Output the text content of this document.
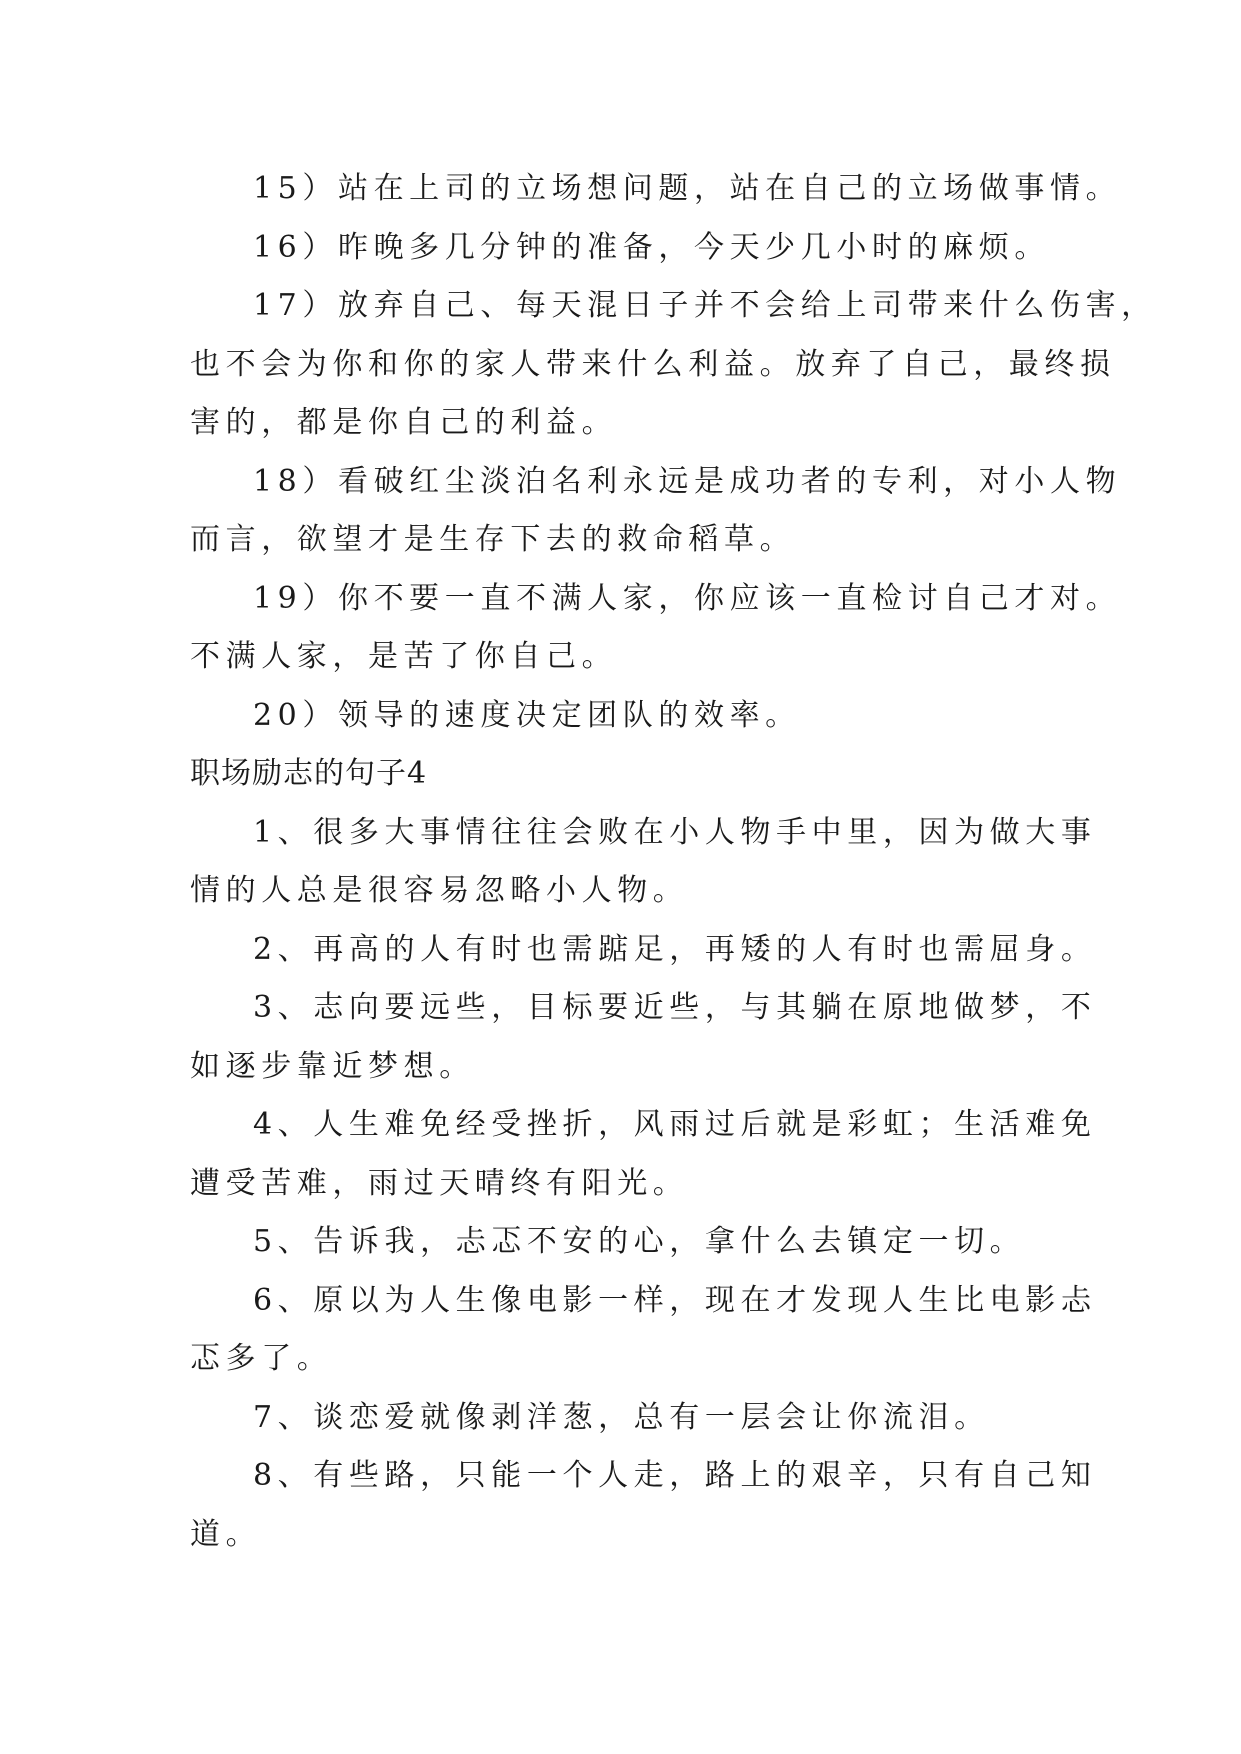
15）站在上司的立场想问题，站在自己的立场做事情。
16）昨晚多几分钟的准备，今天少几小时的麻烦。
17）放弃自己、每天混日子并不会给上司带来什么伤害，
也不会为你和你的家人带来什么利益。放弃了自己，最终损
害的，都是你自己的利益。
18）看破红尘淡泊名利永远是成功者的专利，对小人物
而言，欲望才是生存下去的救命稻草。
19）你不要一直不满人家，你应该一直检讨自己才对。
不满人家，是苦了你自己。
20）领导的速度决定团队的效率。
职场励志的句子4
1、很多大事情往往会败在小人物手中里，因为做大事
情的人总是很容易忽略小人物。
2、再高的人有时也需踮足，再矮的人有时也需屈身。
3、志向要远些，目标要近些，与其躺在原地做梦，不
如逐步靠近梦想。
4、人生难免经受挫折，风雨过后就是彩虹；生活难免
遭受苦难，雨过天晴终有阳光。
5、告诉我，忐忑不安的心，拿什么去镇定一切。
6、原以为人生像电影一样，现在才发现人生比电影忐
忑多了。
7、谈恋爱就像剥洋葱，总有一层会让你流泪。
8、有些路，只能一个人走，路上的艰辛，只有自己知
道。
